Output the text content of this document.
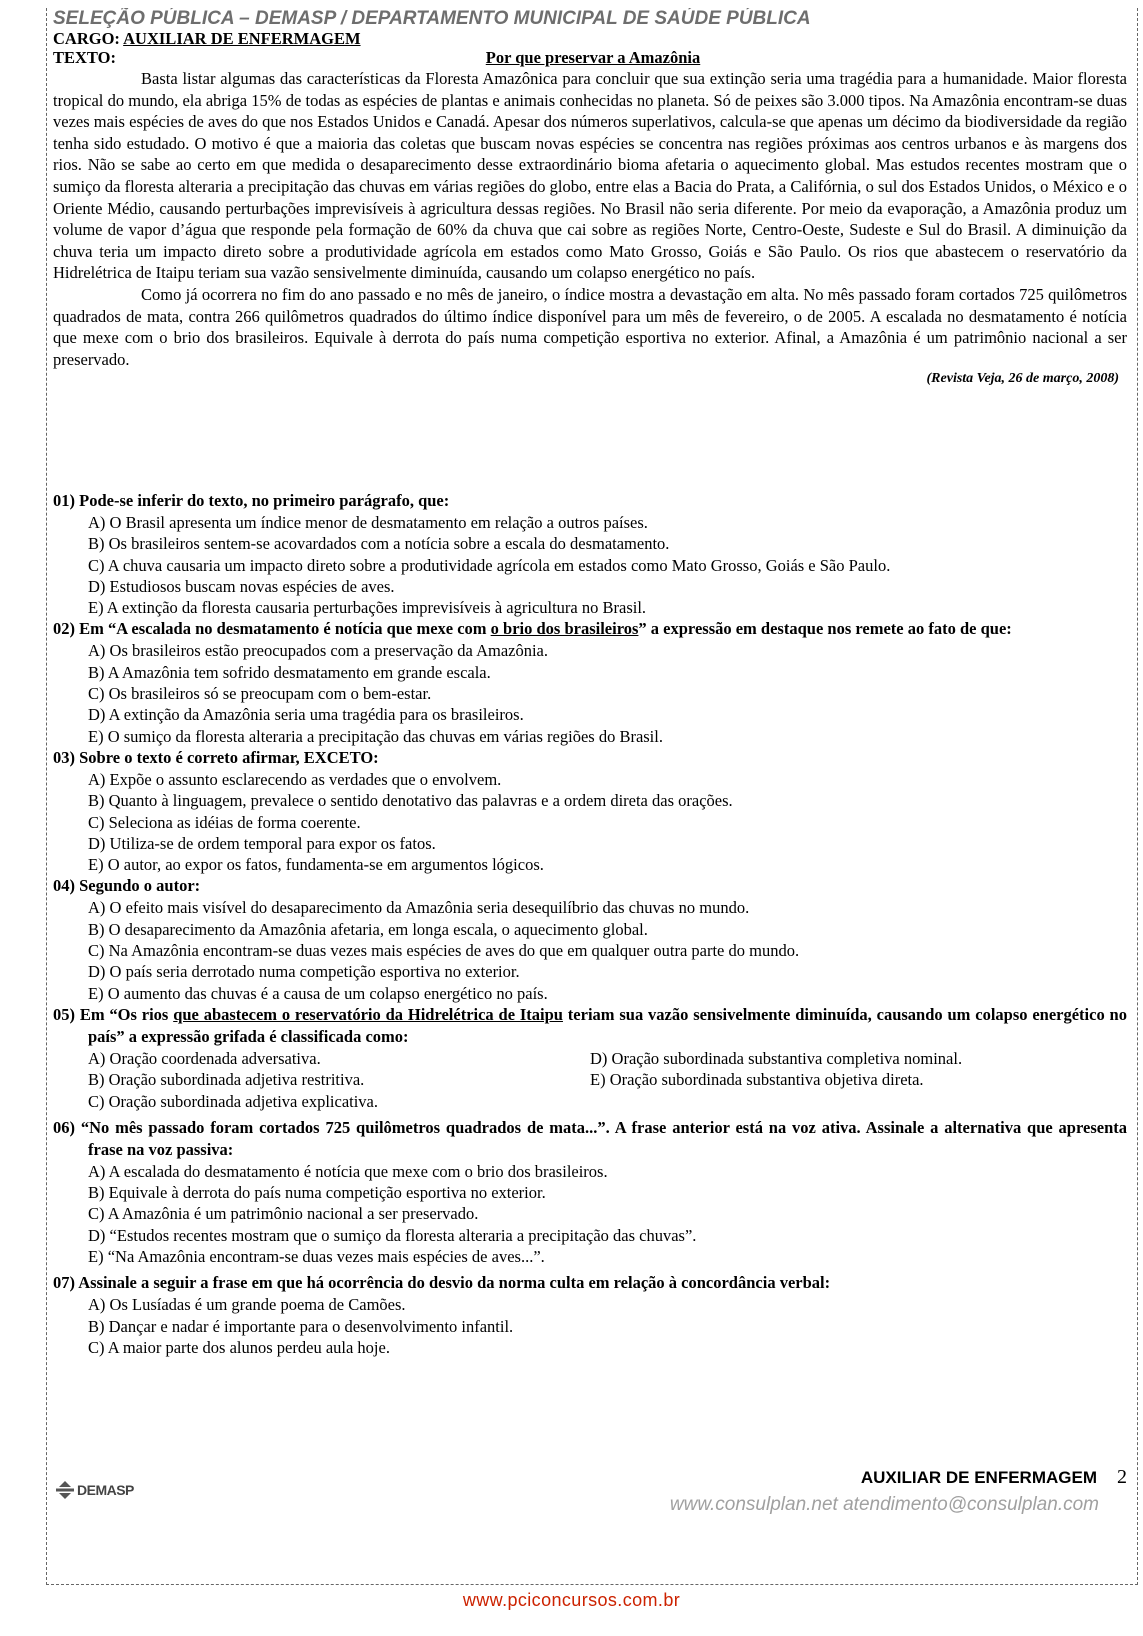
SELEÇÃO PÚBLICA – DEMASP / DEPARTAMENTO MUNICIPAL DE SAÚDE PÚBLICA
CARGO: AUXILIAR DE ENFERMAGEM
TEXTO:	Por que preservar a Amazônia

Basta listar algumas das características da Floresta Amazônica para concluir que sua extinção seria uma tragédia para a humanidade. Maior floresta tropical do mundo, ela abriga 15% de todas as espécies de plantas e animais conhecidas no planeta. Só de peixes são 3.000 tipos. Na Amazônia encontram-se duas vezes mais espécies de aves do que nos Estados Unidos e Canadá. Apesar dos números superlativos, calcula-se que apenas um décimo da biodiversidade da região tenha sido estudado. O motivo é que a maioria das coletas que buscam novas espécies se concentra nas regiões próximas aos centros urbanos e às margens dos rios. Não se sabe ao certo em que medida o desaparecimento desse extraordinário bioma afetaria o aquecimento global. Mas estudos recentes mostram que o sumiço da floresta alteraria a precipitação das chuvas em várias regiões do globo, entre elas a Bacia do Prata, a Califórnia, o sul dos Estados Unidos, o México e o Oriente Médio, causando perturbações imprevisíveis à agricultura dessas regiões. No Brasil não seria diferente. Por meio da evaporação, a Amazônia produz um volume de vapor d’água que responde pela formação de 60% da chuva que cai sobre as regiões Norte, Centro-Oeste, Sudeste e Sul do Brasil. A diminuição da chuva teria um impacto direto sobre a produtividade agrícola em estados como Mato Grosso, Goiás e São Paulo. Os rios que abastecem o reservatório da Hidrelétrica de Itaipu teriam sua vazão sensivelmente diminuída, causando um colapso energético no país.

Como já ocorrera no fim do ano passado e no mês de janeiro, o índice mostra a devastação em alta. No mês passado foram cortados 725 quilômetros quadrados de mata, contra 266 quilômetros quadrados do último índice disponível para um mês de fevereiro, o de 2005. A escalada no desmatamento é notícia que mexe com o brio dos brasileiros. Equivale à derrota do país numa competição esportiva no exterior. Afinal, a Amazônia é um patrimônio nacional a ser preservado.

(Revista Veja, 26 de março, 2008)
01) Pode-se inferir do texto, no primeiro parágrafo, que:
A) O Brasil apresenta um índice menor de desmatamento em relação a outros países.
B) Os brasileiros sentem-se acovardados com a notícia sobre a escala do desmatamento.
C) A chuva causaria um impacto direto sobre a produtividade agrícola em estados como Mato Grosso, Goiás e São Paulo.
D) Estudiosos buscam novas espécies de aves.
E) A extinção da floresta causaria perturbações imprevisíveis à agricultura no Brasil.
02) Em “A escalada no desmatamento é notícia que mexe com o brio dos brasileiros” a expressão em destaque nos remete ao fato de que:
A) Os brasileiros estão preocupados com a preservação da Amazônia.
B) A Amazônia tem sofrido desmatamento em grande escala.
C) Os brasileiros só se preocupam com o bem-estar.
D) A extinção da Amazônia seria uma tragédia para os brasileiros.
E) O sumiço da floresta alteraria a precipitação das chuvas em várias regiões do Brasil.
03) Sobre o texto é correto afirmar, EXCETO:
A) Expõe o assunto esclarecendo as verdades que o envolvem.
B) Quanto à linguagem, prevalece o sentido denotativo das palavras e a ordem direta das orações.
C) Seleciona as idéias de forma coerente.
D) Utiliza-se de ordem temporal para expor os fatos.
E) O autor, ao expor os fatos, fundamenta-se em argumentos lógicos.
04) Segundo o autor:
A) O efeito mais visível do desaparecimento da Amazônia seria desequilíbrio das chuvas no mundo.
B) O desaparecimento da Amazônia afetaria, em longa escala, o aquecimento global.
C) Na Amazônia encontram-se duas vezes mais espécies de aves do que em qualquer outra parte do mundo.
D) O país seria derrotado numa competição esportiva no exterior.
E) O aumento das chuvas é a causa de um colapso energético no país.
05) Em “Os rios que abastecem o reservatório da Hidrelétrica de Itaipu teriam sua vazão sensivelmente diminuída, causando um colapso energético no país” a expressão grifada é classificada como:
A) Oração coordenada adversativa.
B) Oração subordinada adjetiva restritiva.
C) Oração subordinada adjetiva explicativa.
D) Oração subordinada substantiva completiva nominal.
E) Oração subordinada substantiva objetiva direta.
06) “No mês passado foram cortados 725 quilômetros quadrados de mata...”. A frase anterior está na voz ativa. Assinale a alternativa que apresenta frase na voz passiva:
A) A escalada do desmatamento é notícia que mexe com o brio dos brasileiros.
B) Equivale à derrota do país numa competição esportiva no exterior.
C) A Amazônia é um patrimônio nacional a ser preservado.
D) “Estudos recentes mostram que o sumiço da floresta alteraria a precipitação das chuvas”.
E) “Na Amazônia encontram-se duas vezes mais espécies de aves...”.
07) Assinale a seguir a frase em que há ocorrência do desvio da norma culta em relação à concordância verbal:
A) Os Lusíadas é um grande poema de Camões.
B) Dançar e nadar é importante para o desenvolvimento infantil.
C) A maior parte dos alunos perdeu aula hoje.
DEMASP
AUXILIAR DE ENFERMAGEM 2
www.consulplan.net atendimento@consulplan.com
www.pciconcursos.com.br
